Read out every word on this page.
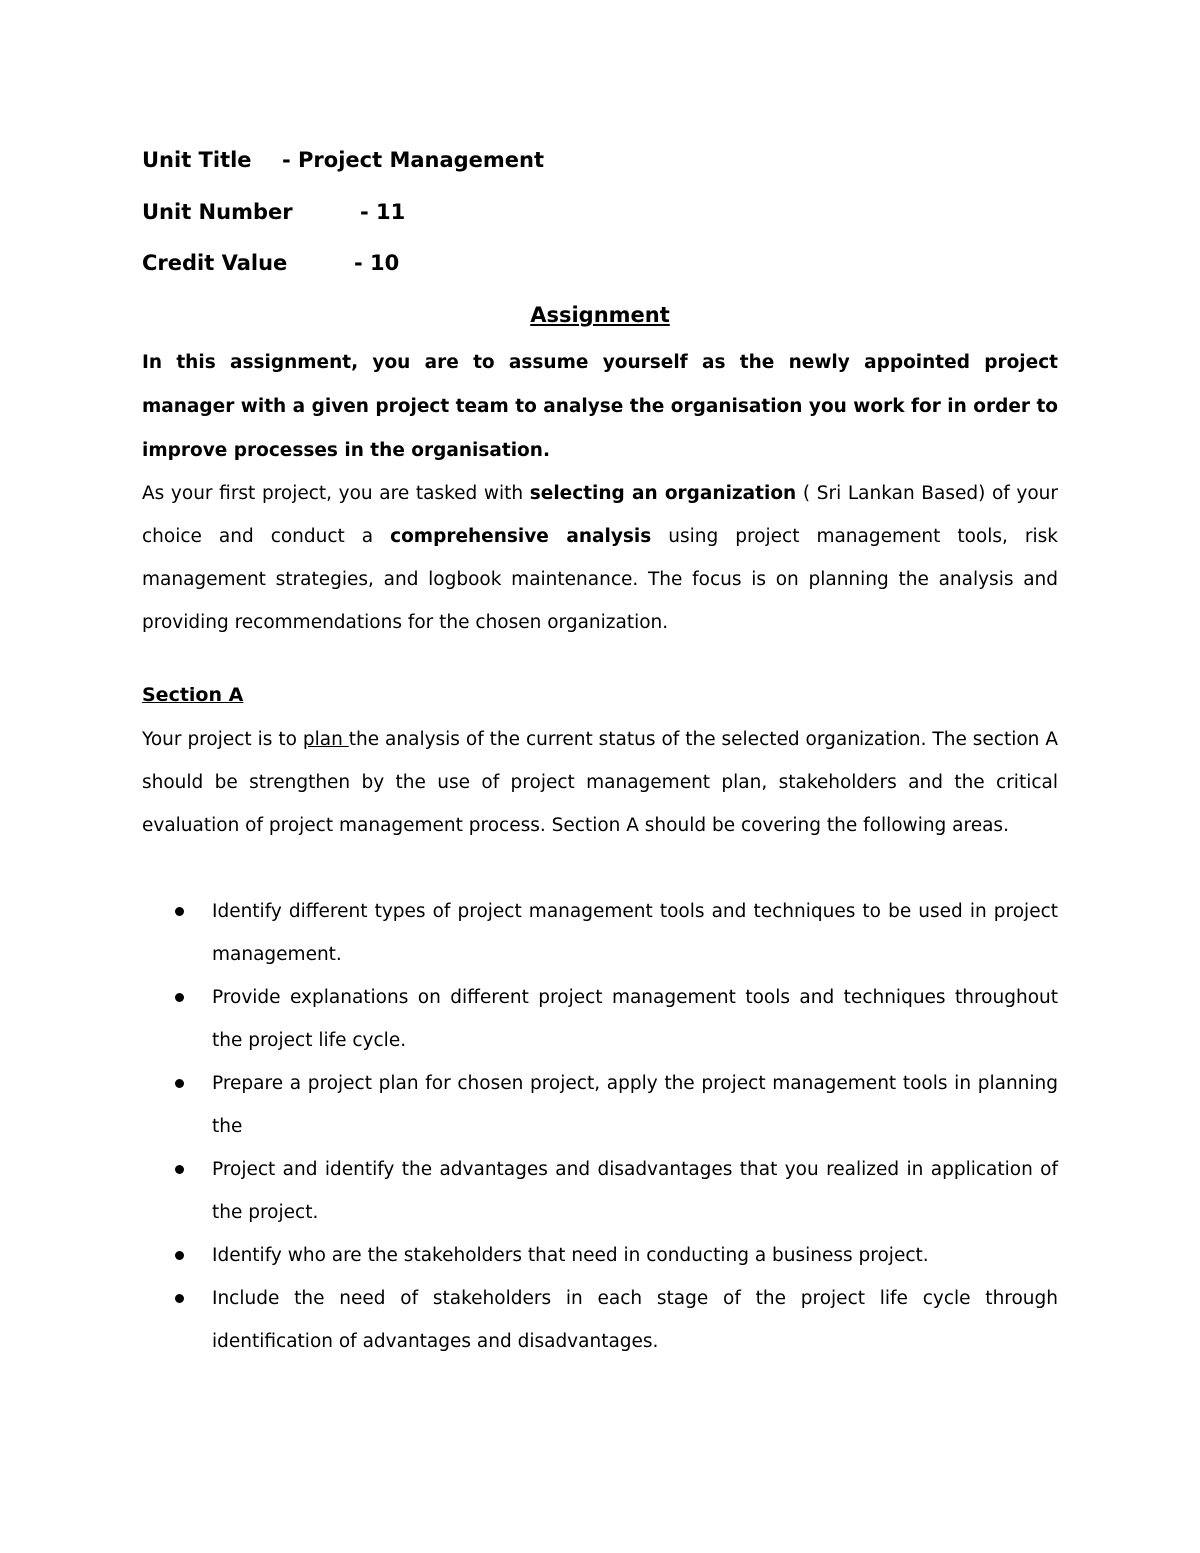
Unit Title - Project Management
Unit Number	- 11
Credit Value	- 10
Assignment

In this assignment, you are to assume yourself as the newly appointed project manager with a given project team to analyse the organisation you work for in order to improve processes in the organisation.

As your first project, you are tasked with selecting an organization ( Sri Lankan Based) of your choice and conduct a comprehensive analysis using project management tools, risk management strategies, and logbook maintenance. The focus is on planning the analysis and providing recommendations for the chosen organization.

Section A

Your project is to plan the analysis of the current status of the selected organization. The section A should be strengthen by the use of project management plan, stakeholders and the critical evaluation of project management process. Section A should be covering the following areas.

Identify different types of project management tools and techniques to be used in project management.
Provide explanations on different project management tools and techniques throughout the project life cycle.
Prepare a project plan for chosen project, apply the project management tools in planning the
Project and identify the advantages and disadvantages that you realized in application of the project.
Identify who are the stakeholders that need in conducting a business project.
Include the need of stakeholders in each stage of the project life cycle through identification of advantages and disadvantages.
